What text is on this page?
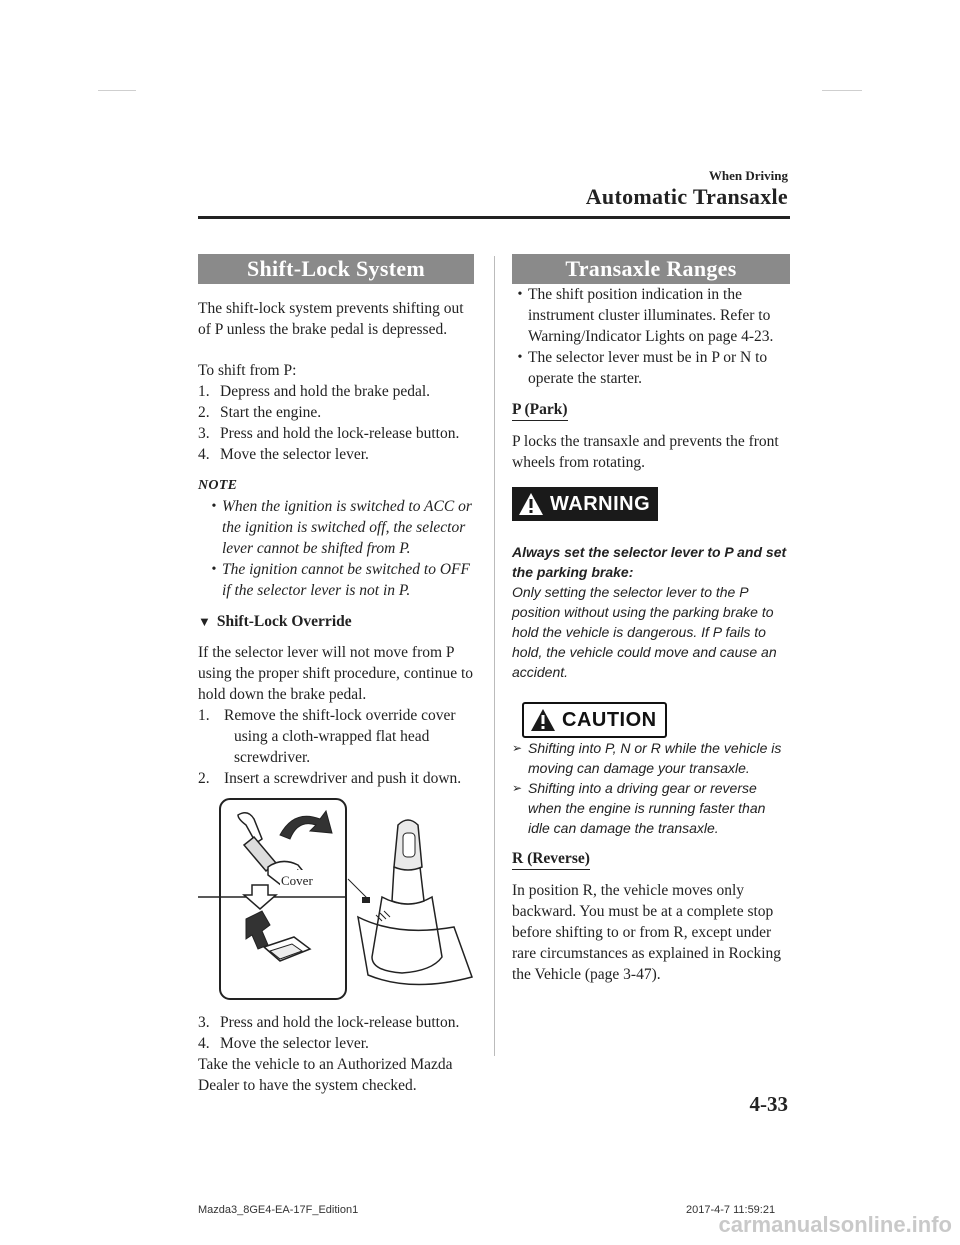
When Driving
Automatic Transaxle
Shift-Lock System

The shift-lock system prevents shifting out of P unless the brake pedal is depressed.

To shift from P:

1. Depress and hold the brake pedal.
2. Start the engine.
3. Press and hold the lock-release button.
4. Move the selector lever.

NOTE

• When the ignition is switched to ACC or the ignition is switched off, the selector lever cannot be shifted from P.
• The ignition cannot be switched to OFF if the selector lever is not in P.
▼ Shift-Lock Override

If the selector lever will not move from P using the proper shift procedure, continue to hold down the brake pedal.

1. Remove the shift-lock override cover using a cloth-wrapped flat head screwdriver.
2. Insert a screwdriver and push it down.
Cover
3. Press and hold the lock-release button.
4. Move the selector lever.

Take the vehicle to an Authorized Mazda Dealer to have the system checked.

Transaxle Ranges
• The shift position indication in the instrument cluster illuminates. Refer to Warning/Indicator Lights on page 4-23.
• The selector lever must be in P or N to operate the starter.
P (Park)

P locks the transaxle and prevents the front wheels from rotating.

WARNING

Always set the selector lever to P and set the parking brake:

Only setting the selector lever to the P position without using the parking brake to hold the vehicle is dangerous. If P fails to hold, the vehicle could move and cause an accident.

CAUTION
➢ Shifting into P, N or R while the vehicle is moving can damage your transaxle.
➢ Shifting into a driving gear or reverse when the engine is running faster than idle can damage the transaxle.
R (Reverse)

In position R, the vehicle moves only backward. You must be at a complete stop before shifting to or from R, except under rare circumstances as explained in Rocking the Vehicle (page 3-47).

4-33
Mazda3_8GE4-EA-17F_Edition1	2017-4-7 11:59:21
carmanualsonline.info
